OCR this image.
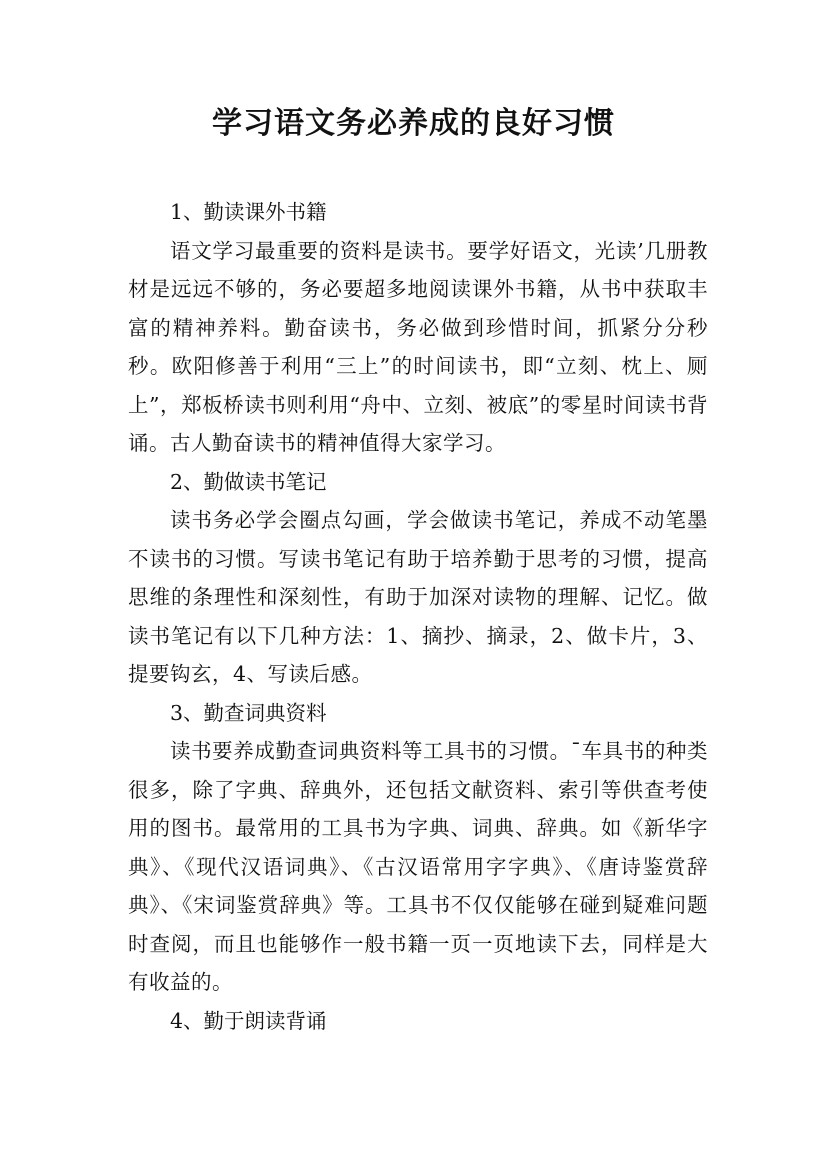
学习语文务必养成的良好习惯

1、勤读课外书籍

语文学习最重要的资料是读书。要学好语文，光读’几册教材是远远不够的，务必要超多地阅读课外书籍，从书中获取丰富的精神养料。勤奋读书，务必做到珍惜时间，抓紧分分秒秒。欧阳修善于利用“三上”的时间读书，即“立刻、枕上、厕上”，郑板桥读书则利用“舟中、立刻、被底”的零星时间读书背诵。古人勤奋读书的精神值得大家学习。

2、勤做读书笔记

读书务必学会圈点勾画，学会做读书笔记，养成不动笔墨不读书的习惯。写读书笔记有助于培养勤于思考的习惯，提高思维的条理性和深刻性，有助于加深对读物的理解、记忆。做读书笔记有以下几种方法：1、摘抄、摘录，2、做卡片，3、提要钩玄，4、写读后感。

3、勤查词典资料

读书要养成勤查词典资料等工具书的习惯。¯车具书的种类很多，除了字典、辞典外，还包括文献资料、索引等供查考使用的图书。最常用的工具书为字典、词典、辞典。如《新华字典》、《现代汉语词典》、《古汉语常用字字典》、《唐诗鉴赏辞典》、《宋词鉴赏辞典》等。工具书不仅仅能够在碰到疑难问题时查阅，而且也能够作一般书籍一页一页地读下去，同样是大有收益的。

4、勤于朗读背诵
